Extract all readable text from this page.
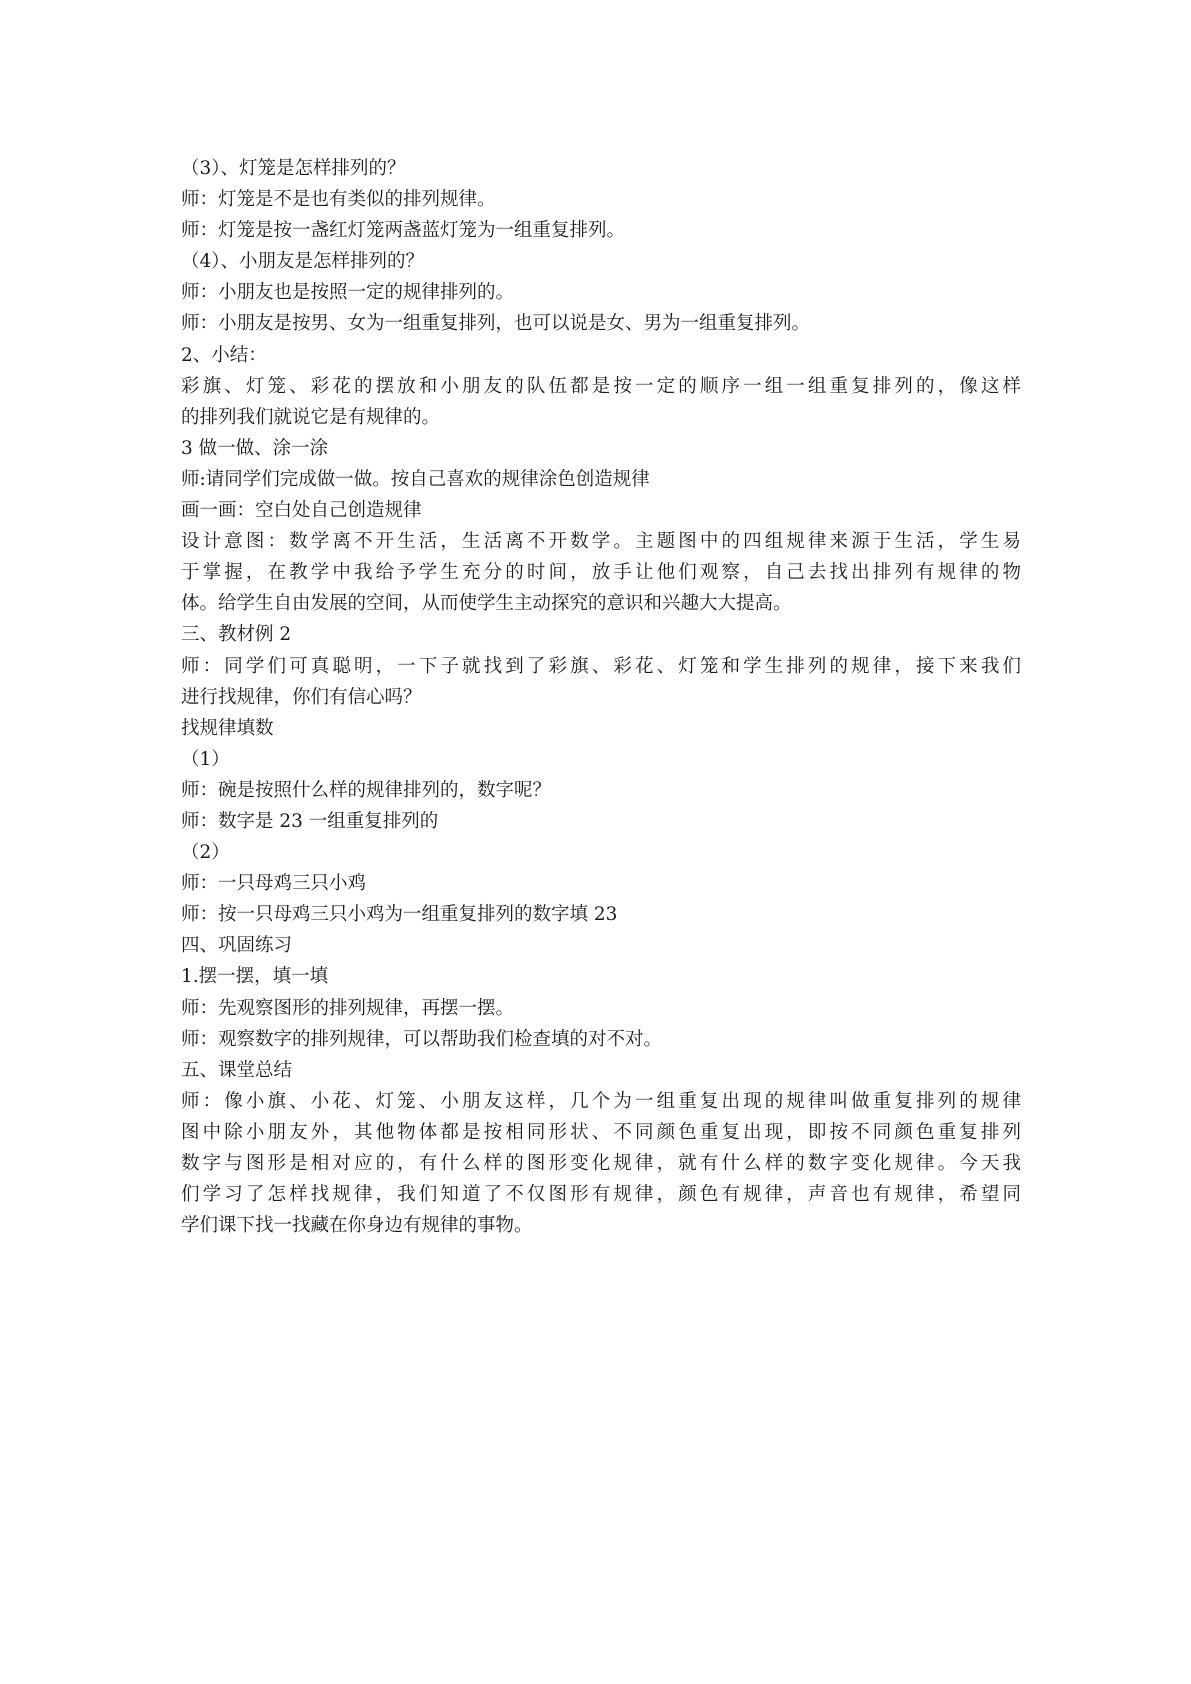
（3）、灯笼是怎样排列的？
师：灯笼是不是也有类似的排列规律。
师：灯笼是按一盏红灯笼两盏蓝灯笼为一组重复排列。
（4）、小朋友是怎样排列的？
师：小朋友也是按照一定的规律排列的。
师：小朋友是按男、女为一组重复排列，也可以说是女、男为一组重复排列。
2、小结：
彩旗、灯笼、彩花的摆放和小朋友的队伍都是按一定的顺序一组一组重复排列的，像这样
的排列我们就说它是有规律的。
3 做一做、涂一涂
师:请同学们完成做一做。按自己喜欢的规律涂色创造规律
画一画：空白处自己创造规律
设计意图：数学离不开生活，生活离不开数学。主题图中的四组规律来源于生活，学生易
于掌握，在教学中我给予学生充分的时间，放手让他们观察，自己去找出排列有规律的物
体。给学生自由发展的空间，从而使学生主动探究的意识和兴趣大大提高。
三、教材例 2
师：同学们可真聪明，一下子就找到了彩旗、彩花、灯笼和学生排列的规律，接下来我们
进行找规律，你们有信心吗？
找规律填数
（1）
师：碗是按照什么样的规律排列的，数字呢？
师：数字是 23 一组重复排列的
（2）
师：一只母鸡三只小鸡
师：按一只母鸡三只小鸡为一组重复排列的数字填 23
四、巩固练习
1.摆一摆，填一填
师：先观察图形的排列规律，再摆一摆。
师：观察数字的排列规律，可以帮助我们检查填的对不对。
五、课堂总结
师：像小旗、小花、灯笼、小朋友这样，几个为一组重复出现的规律叫做重复排列的规律
图中除小朋友外，其他物体都是按相同形状、不同颜色重复出现，即按不同颜色重复排列
数字与图形是相对应的，有什么样的图形变化规律，就有什么样的数字变化规律。今天我
们学习了怎样找规律，我们知道了不仅图形有规律，颜色有规律，声音也有规律，希望同
学们课下找一找藏在你身边有规律的事物。
